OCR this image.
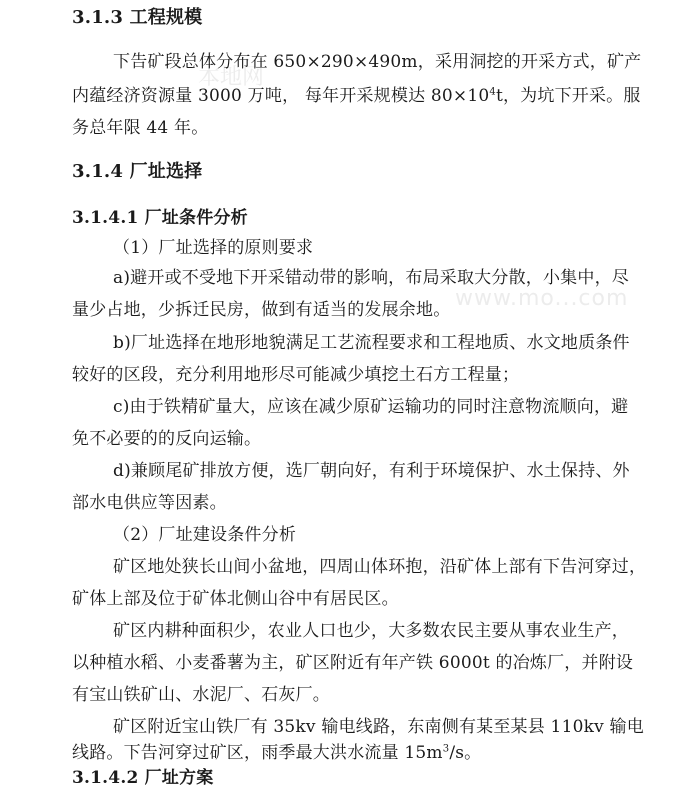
本地网
www.mo...com
3.1.3 工程规模
下告矿段总体分布在 650×290×490m，采用洞挖的开采方式，矿产
内蕴经济资源量 3000 万吨， 每年开采规模达 $80\times 10^4t$，为坑下开采。服
务总年限 44 年。
3.1.4 厂址选择
3.1.4.1 厂址条件分析
（1）厂址选择的原则要求
a)避开或不受地下开采错动带的影响，布局采取大分散，小集中，尽
量少占地，少拆迁民房，做到有适当的发展余地。
b)厂址选择在地形地貌满足工艺流程要求和工程地质、水文地质条件
较好的区段，充分利用地形尽可能减少填挖土石方工程量；
c)由于铁精矿量大，应该在减少原矿运输功的同时注意物流顺向，避
免不必要的的反向运输。
d)兼顾尾矿排放方便，选厂朝向好，有利于环境保护、水土保持、外
部水电供应等因素。
（2）厂址建设条件分析
矿区地处狭长山间小盆地，四周山体环抱，沿矿体上部有下告河穿过，
矿体上部及位于矿体北侧山谷中有居民区。
矿区内耕种面积少，农业人口也少，大多数农民主要从事农业生产，
以种植水稻、小麦番薯为主，矿区附近有年产铁 6000t 的冶炼厂，并附设
有宝山铁矿山、水泥厂、石灰厂。
矿区附近宝山铁厂有 35kv 输电线路，东南侧有某至某县 110kv 输电
线路。下告河穿过矿区，雨季最大洪水流量 $15m^3/s$。
3.1.4.2 厂址方案
